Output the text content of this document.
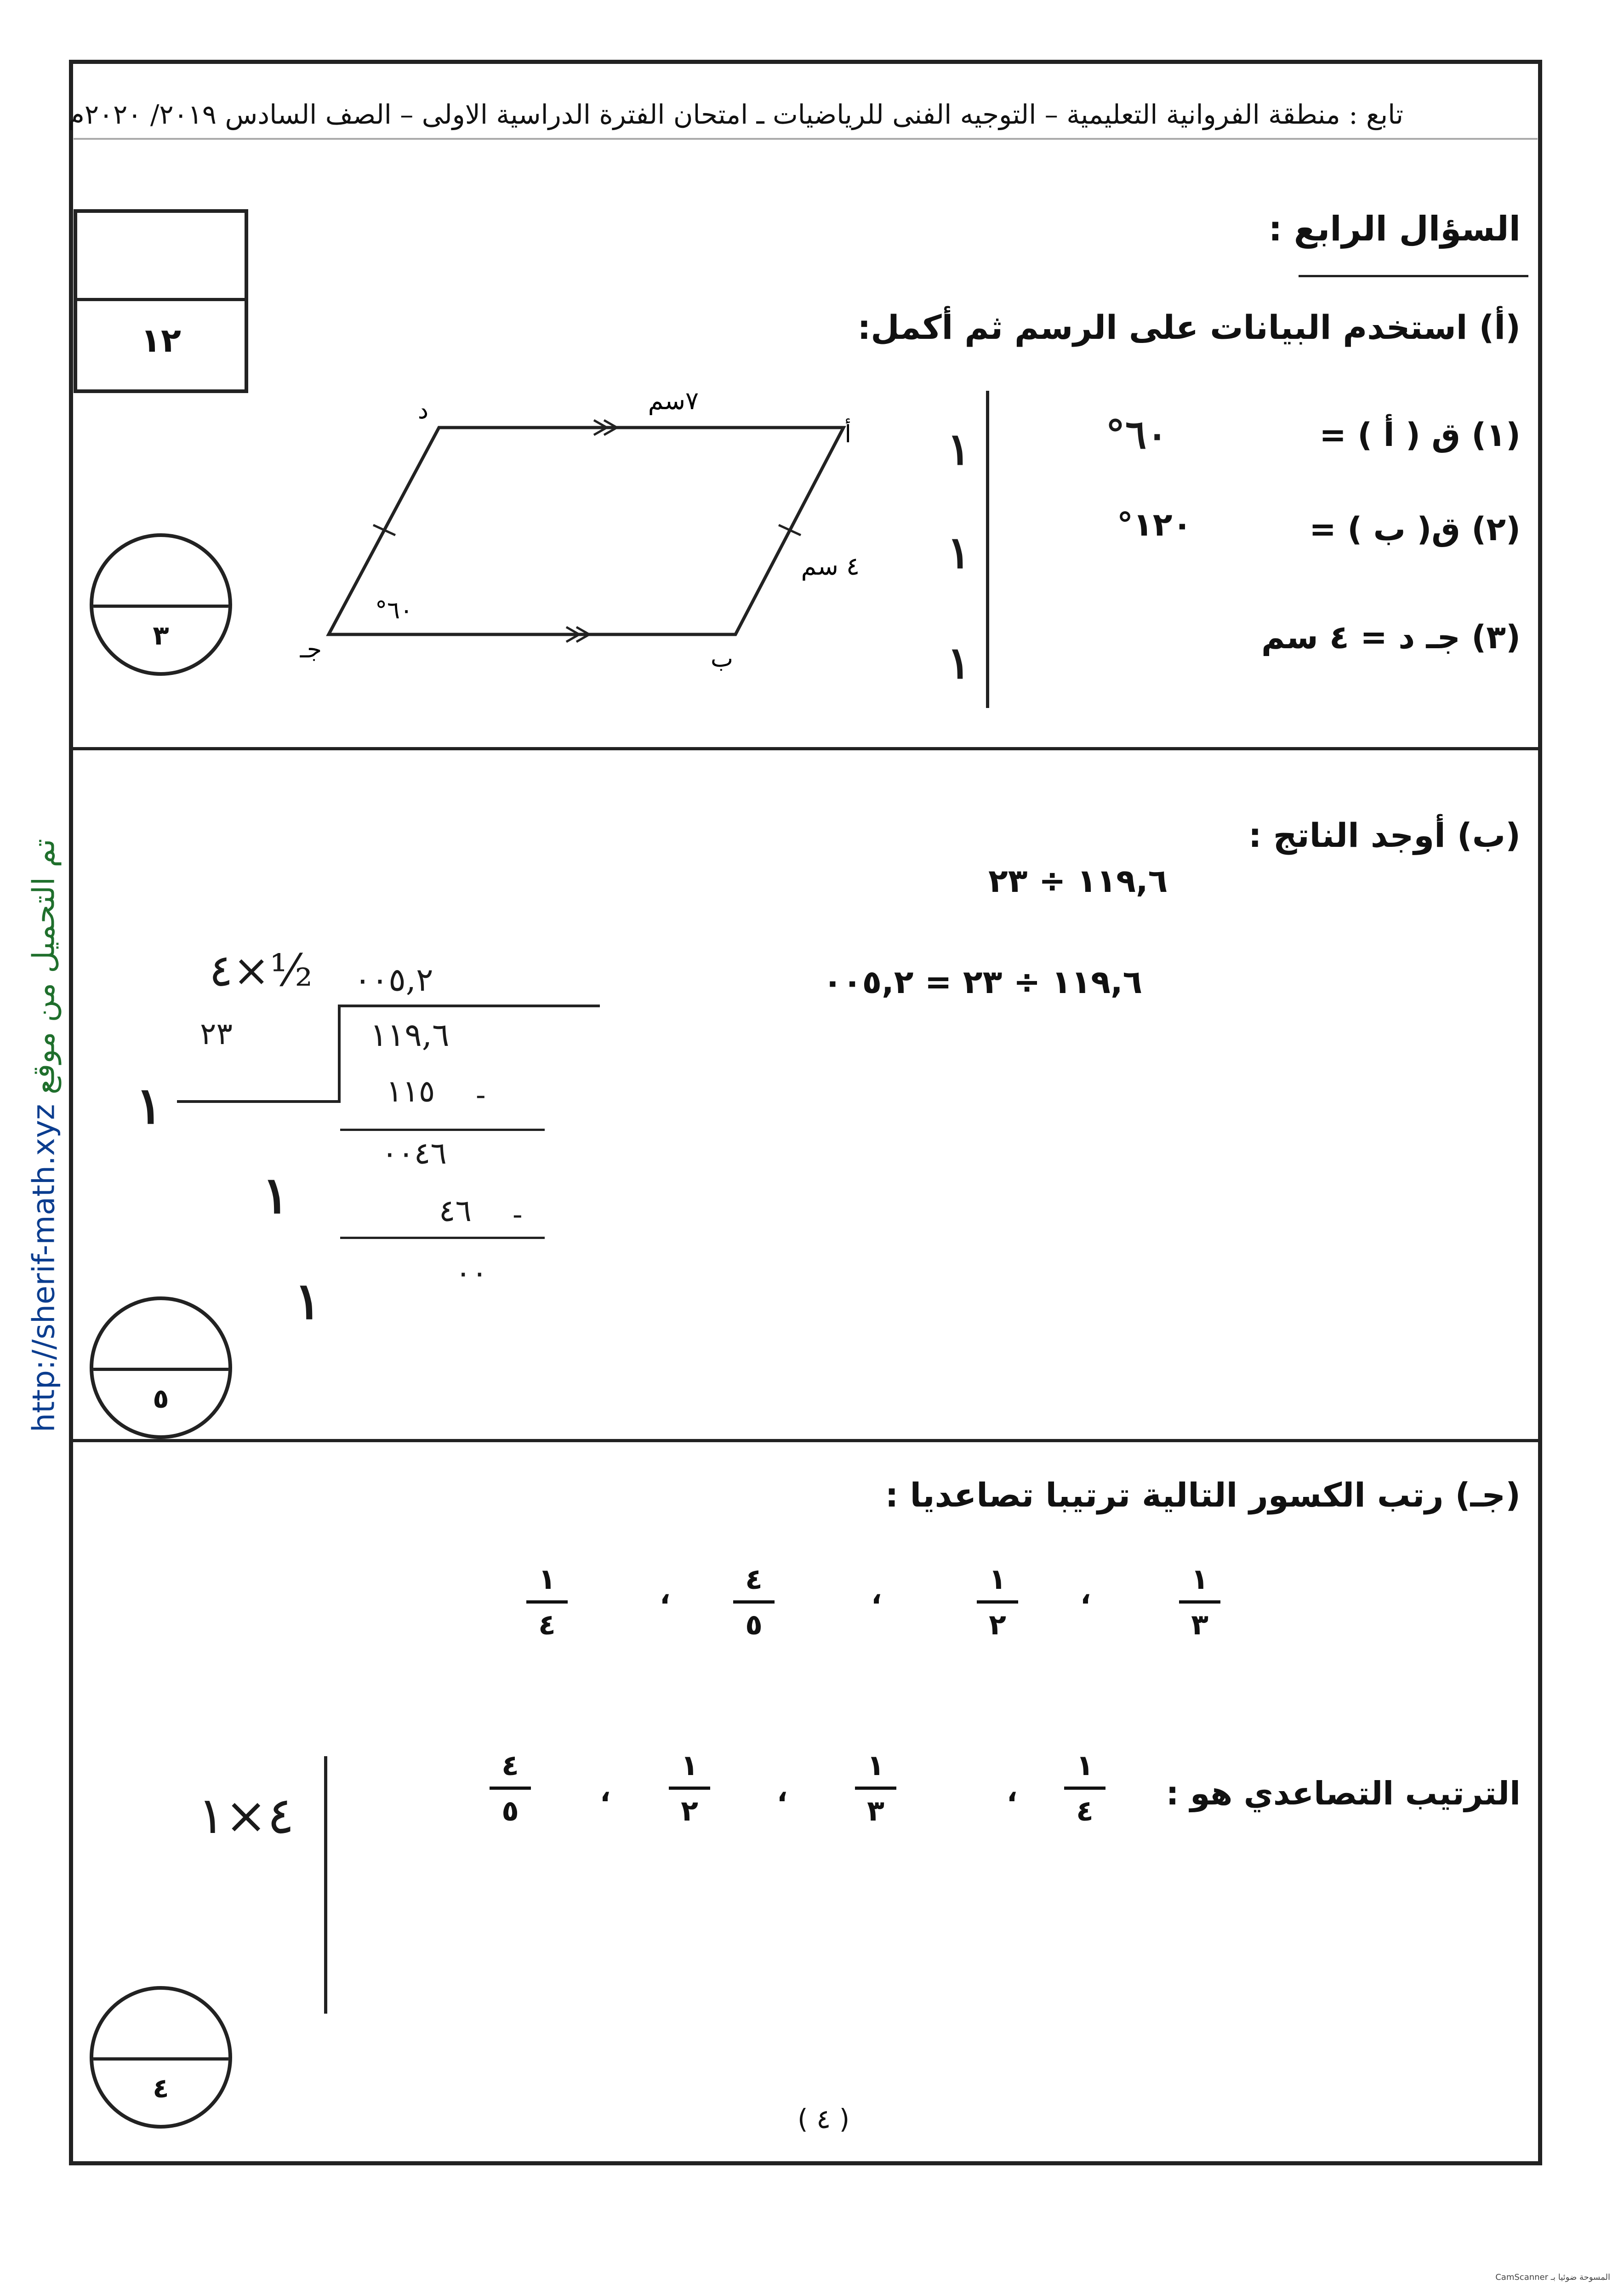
تابع : منطقة الفروانية التعليمية – التوجيه الفنى للرياضيات ـ امتحان الفترة الدراسية الاولى – الصف السادس ٢٠١٩/ ٢٠٢٠م
السؤال الرابع :
١٢	(أ) استخدم البيانات على الرسم ثم أكمل:
أ
د
ب
جـ
٧سم
٤ سم
٦٠°
(١) ق ( أ ) =
٦٠°
(٢) ق( ب ) =
١٢٠°
(٣) جـ د = ٤ سم
١
١
١
٣
(ب) أوجد الناتج :
١١٩,٦ ÷ ٢٣
١١٩,٦ ÷ ٢٣ = ٠٠٥,٢
٠٠٥,٢
٤×½
٢٣	١١٩,٦
١١٥ -
٠٠٤٦
٤٦ -
٠٠
١
١
١
٥
(جـ) رتب الكسور التالية ترتيبا تصاعديا :
١
٣
،
١
٢
،
٤
٥
،
١
٤
الترتيب التصاعدي هو :
١
٤
،
١
٣
،
١
٢
،
٤
٥
٤×١
٤
( ٤ )
http://sherif-math.xyz تم التحميل من موقع
CamScanner المسوحة ضوئيا بـ
